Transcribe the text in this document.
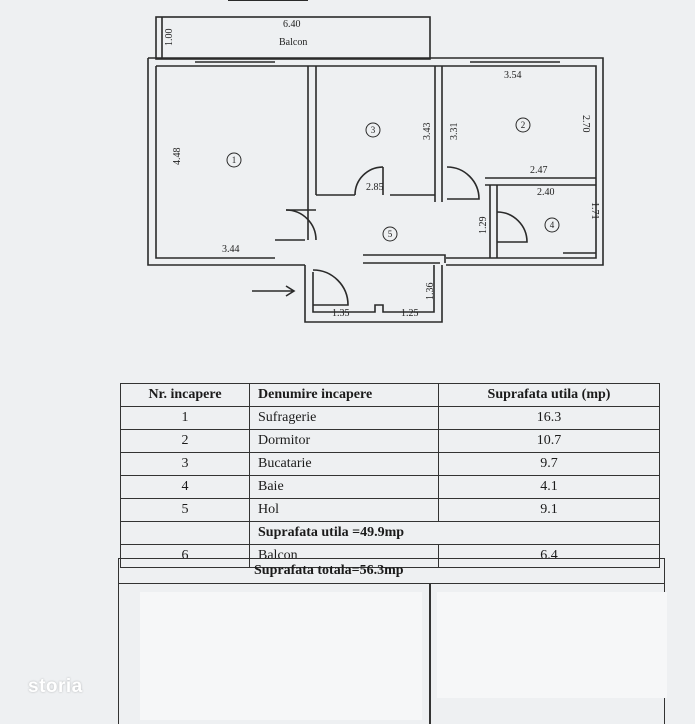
6.40
Balcon
1.00
4.48
3.44
3.43
2.85
3.31
3.54
2.70
2.47
2.40
1.29
1.71
1.36
1.35	1.25
1
2
3
4
5
Nr. incapere	Denumire incapere	Suprafata utila (mp)
1	Sufragerie	16.3
2	Dormitor	10.7
3	Bucatarie	9.7
4	Baie	4.1
5	Hol	9.1
Suprafata utila =49.9mp
6	Balcon	6.4
Suprafata totala=56.3mp
storia
